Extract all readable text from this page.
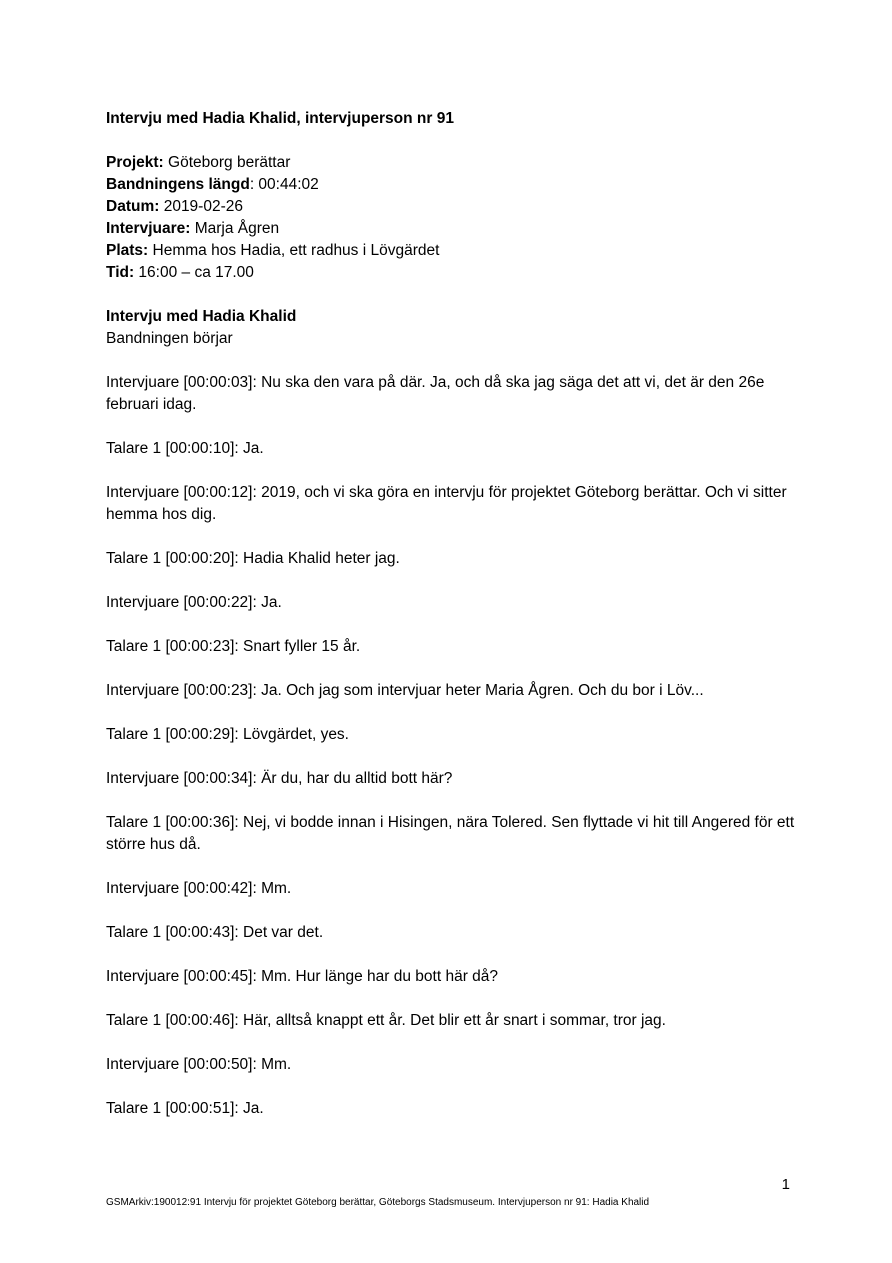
Intervju med Hadia Khalid, intervjuperson nr 91

Projekt: Göteborg berättar

Bandningens längd: 00:44:02

Datum: 2019-02-26

Intervjuare: Marja Ågren

Plats: Hemma hos Hadia, ett radhus i Lövgärdet

Tid: 16:00 – ca 17.00

Intervju med Hadia Khalid

Bandningen börjar

Intervjuare [00:00:03]: Nu ska den vara på där. Ja, och då ska jag säga det att vi, det är den 26e februari idag.

Talare 1 [00:00:10]: Ja.

Intervjuare [00:00:12]: 2019, och vi ska göra en intervju för projektet Göteborg berättar. Och vi sitter hemma hos dig.

Talare 1 [00:00:20]: Hadia Khalid heter jag.

Intervjuare [00:00:22]: Ja.

Talare 1 [00:00:23]: Snart fyller 15 år.

Intervjuare [00:00:23]: Ja. Och jag som intervjuar heter Maria Ågren. Och du bor i Löv...

Talare 1 [00:00:29]: Lövgärdet, yes.

Intervjuare [00:00:34]: Är du, har du alltid bott här?

Talare 1 [00:00:36]: Nej, vi bodde innan i Hisingen, nära Tolered. Sen flyttade vi hit till Angered för ett större hus då.

Intervjuare [00:00:42]: Mm.

Talare 1 [00:00:43]: Det var det.

Intervjuare [00:00:45]: Mm. Hur länge har du bott här då?

Talare 1 [00:00:46]: Här, alltså knappt ett år. Det blir ett år snart i sommar, tror jag.

Intervjuare [00:00:50]: Mm.

Talare 1 [00:00:51]: Ja.

1
GSMArkiv:190012:91 Intervju för projektet Göteborg berättar, Göteborgs Stadsmuseum. Intervjuperson nr 91: Hadia Khalid
